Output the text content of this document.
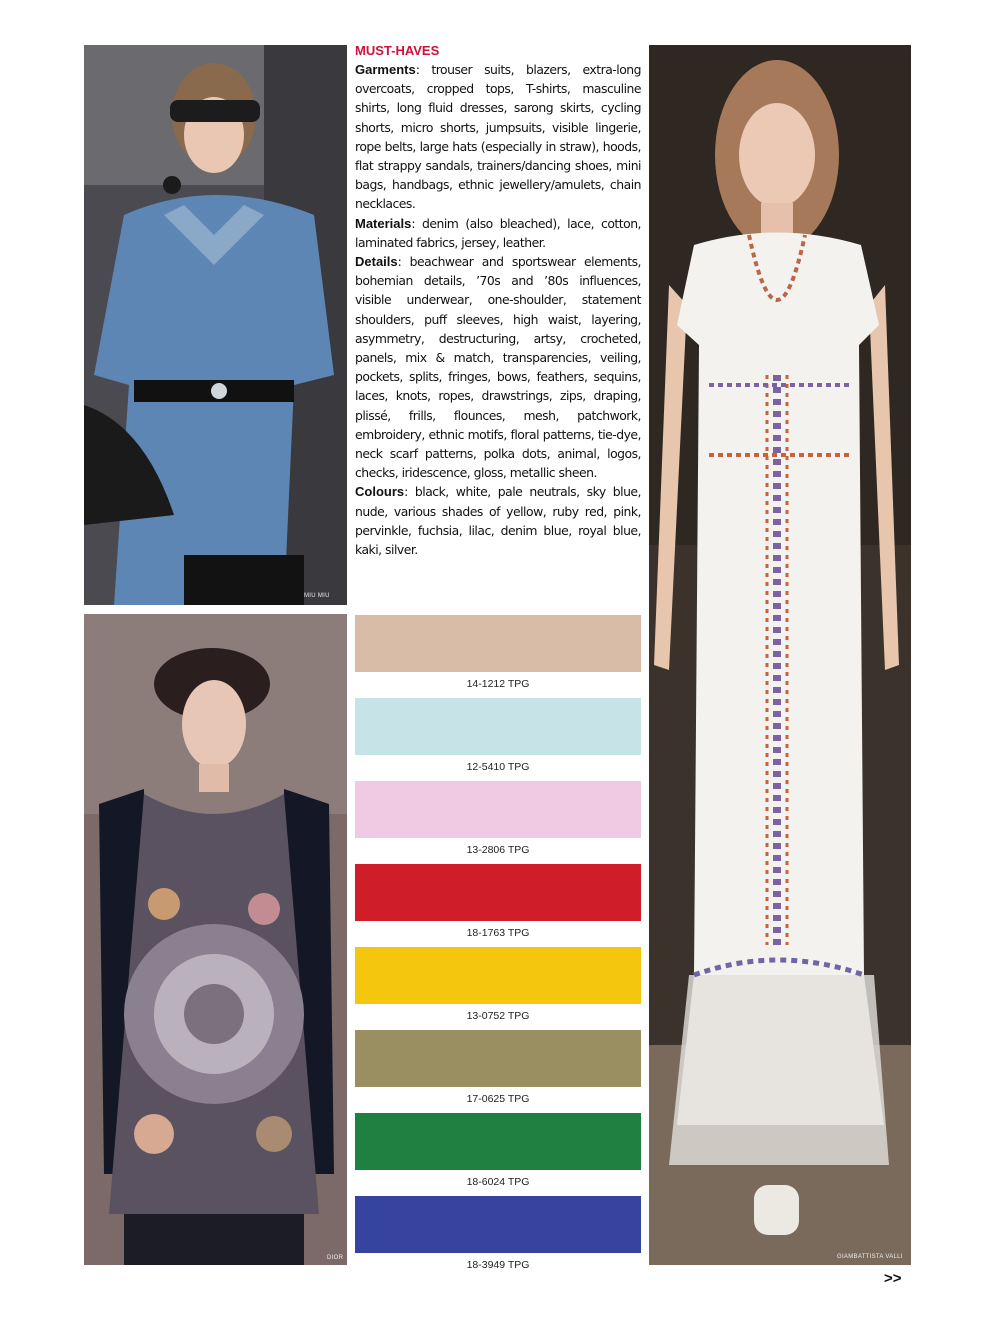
MIU MIU
DIOR
MUST-HAVES

Garments: trouser suits, blazers, extra-long overcoats, cropped tops, T-shirts, masculine shirts, long fluid dresses, sarong skirts, cycling shorts, micro shorts, jumpsuits, visible lingerie, rope belts, large hats (especially in straw), hoods, flat strappy sandals, trainers/dancing shoes, mini bags, handbags, ethnic jewellery/amulets, chain necklaces.

Materials: denim (also bleached), lace, cotton, laminated fabrics, jersey, leather.

Details: beachwear and sportswear elements, bohemian details, ’70s and ’80s influences, visible underwear, one-shoulder, statement shoulders, puff sleeves, high waist, layering, asymmetry, destructuring, artsy, crocheted, panels, mix & match, transparencies, veiling, pockets, splits, fringes, bows, feathers, sequins, laces, knots, ropes, drawstrings, zips, draping, plissé, frills, flounces, mesh, patchwork, embroidery, ethnic motifs, floral patterns, tie-dye, neck scarf patterns, polka dots, animal, logos, checks, iridescence, gloss, metallic sheen.

Colours: black, white, pale neutrals, sky blue, nude, various shades of yellow, ruby red, pink, pervinkle, fuchsia, lilac, denim blue, royal blue, kaki, silver.

14-1212 TPG
12-5410 TPG
13-2806 TPG
18-1763 TPG
13-0752 TPG
17-0625 TPG
18-6024 TPG
18-3949 TPG
GIAMBATTISTA VALLI
>>
